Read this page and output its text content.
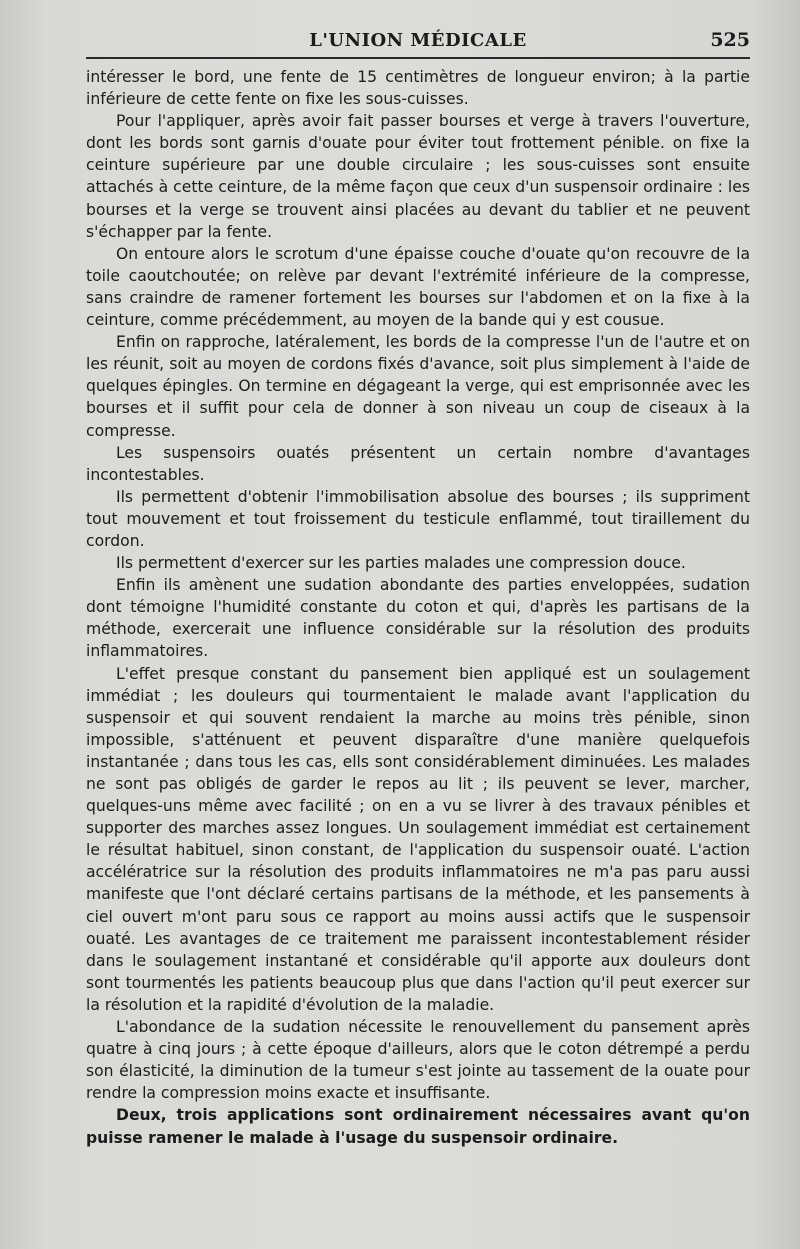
L'UNION MÉDICALE	525

intéresser le bord, une fente de 15 centimètres de longueur environ; à la partie inférieure de cette fente on fixe les sous-cuisses.

Pour l'appliquer, après avoir fait passer bourses et verge à travers l'ouverture, dont les bords sont garnis d'ouate pour éviter tout frottement pénible. on fixe la ceinture supérieure par une double circulaire ; les sous-cuisses sont ensuite attachés à cette ceinture, de la même façon que ceux d'un suspensoir ordinaire : les bourses et la verge se trouvent ainsi placées au devant du tablier et ne peuvent s'échapper par la fente.

On entoure alors le scrotum d'une épaisse couche d'ouate qu'on recouvre de la toile caoutchoutée; on relève par devant l'extrémité inférieure de la compresse, sans craindre de ramener fortement les bourses sur l'abdomen et on la fixe à la ceinture, comme précédemment, au moyen de la bande qui y est cousue.

Enfin on rapproche, latéralement, les bords de la compresse l'un de l'autre et on les réunit, soit au moyen de cordons fixés d'avance, soit plus simplement à l'aide de quelques épingles. On termine en dégageant la verge, qui est emprisonnée avec les bourses et il suffit pour cela de donner à son niveau un coup de ciseaux à la compresse.

Les suspensoirs ouatés présentent un certain nombre d'avantages incontestables.

Ils permettent d'obtenir l'immobilisation absolue des bourses ; ils suppriment tout mouvement et tout froissement du testicule enflammé, tout tiraillement du cordon.

Ils permettent d'exercer sur les parties malades une compression douce.

Enfin ils amènent une sudation abondante des parties enveloppées, sudation dont témoigne l'humidité constante du coton et qui, d'après les partisans de la méthode, exercerait une influence considérable sur la résolution des produits inflammatoires.

L'effet presque constant du pansement bien appliqué est un soulagement immédiat ; les douleurs qui tourmentaient le malade avant l'application du suspensoir et qui souvent rendaient la marche au moins très pénible, sinon impossible, s'atténuent et peuvent disparaître d'une manière quelquefois instantanée ; dans tous les cas, ells sont considérablement diminuées. Les malades ne sont pas obligés de garder le repos au lit ; ils peuvent se lever, marcher, quelques-uns même avec facilité ; on en a vu se livrer à des travaux pénibles et supporter des marches assez longues. Un soulagement immédiat est certainement le résultat habituel, sinon constant, de l'application du suspensoir ouaté. L'action accélératrice sur la résolution des produits inflammatoires ne m'a pas paru aussi manifeste que l'ont déclaré certains partisans de la méthode, et les pansements à ciel ouvert m'ont paru sous ce rapport au moins aussi actifs que le suspensoir ouaté. Les avantages de ce traitement me paraissent incontestablement résider dans le soulagement instantané et considérable qu'il apporte aux douleurs dont sont tourmentés les patients beaucoup plus que dans l'action qu'il peut exercer sur la résolution et la rapidité d'évolution de la maladie.

L'abondance de la sudation nécessite le renouvellement du pansement après quatre à cinq jours ; à cette époque d'ailleurs, alors que le coton détrempé a perdu son élasticité, la diminution de la tumeur s'est jointe au tassement de la ouate pour rendre la compression moins exacte et insuffisante.

Deux, trois applications sont ordinairement nécessaires avant qu'on puisse ramener le malade à l'usage du suspensoir ordinaire.
